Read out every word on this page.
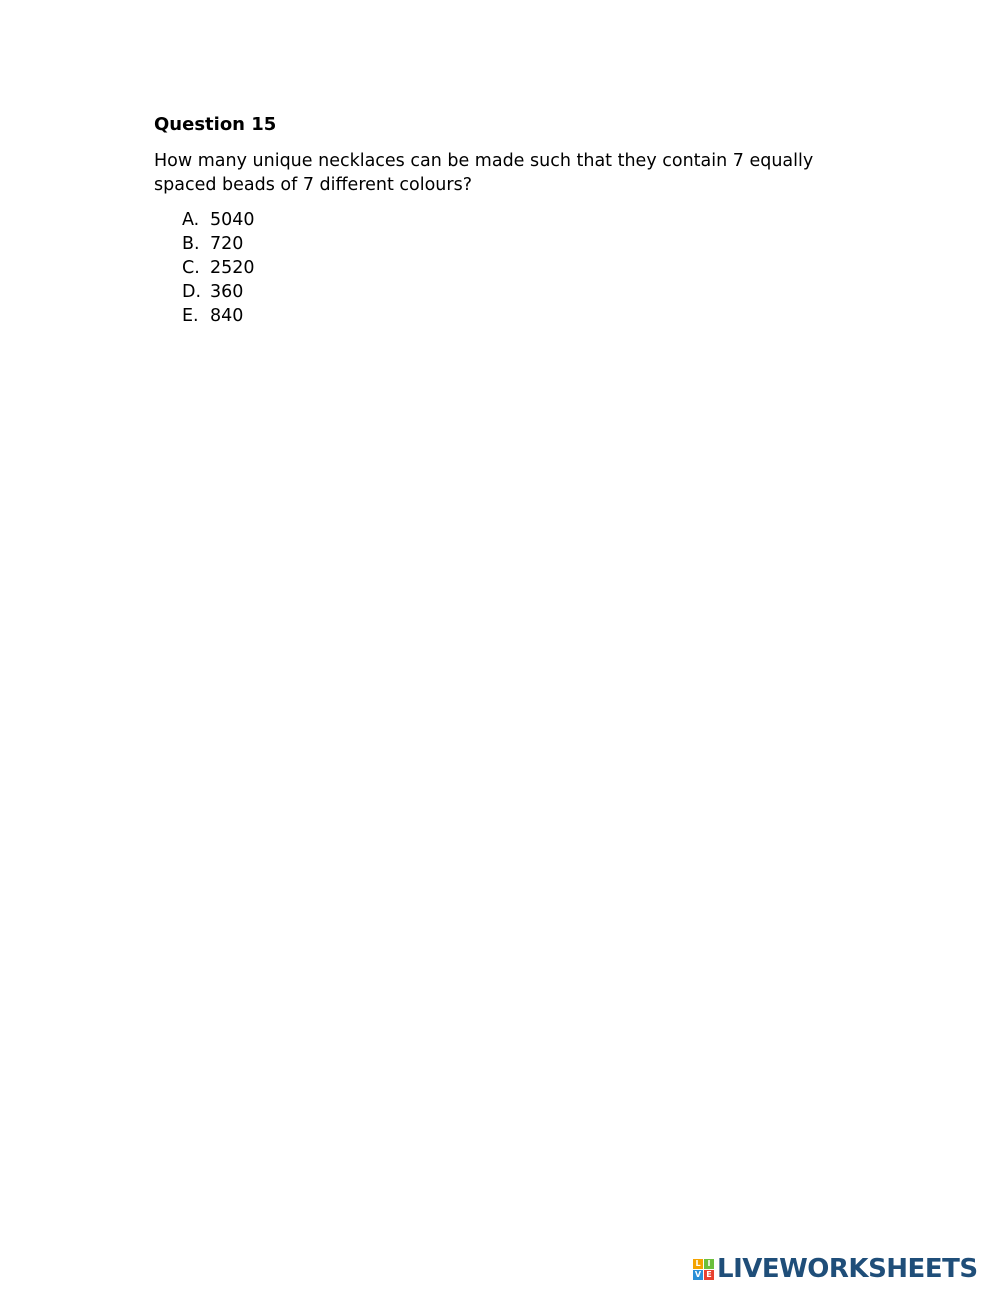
Question 15
How many unique necklaces can be made such that they contain 7 equally spaced beads of 7 different colours?
A. 5040
B. 720
C. 2520
D. 360
E. 840
L I
V E LIVEWORKSHEETS
